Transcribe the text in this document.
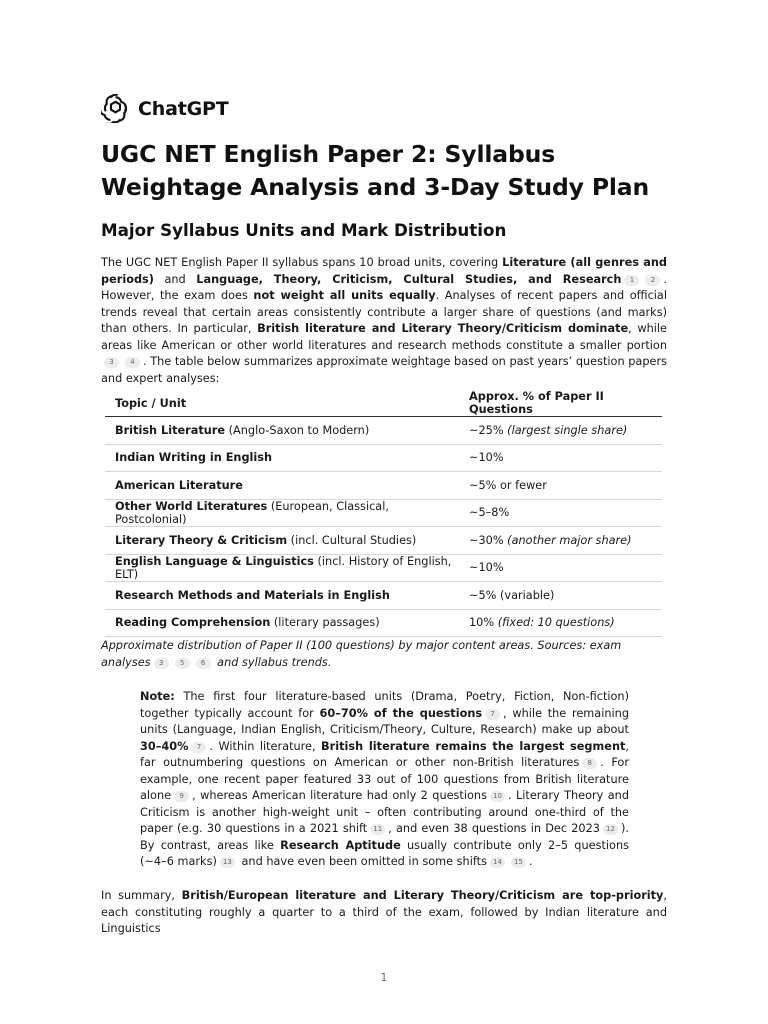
ChatGPT
UGC NET English Paper 2: Syllabus Weightage Analysis and 3-Day Study Plan
Major Syllabus Units and Mark Distribution

The UGC NET English Paper II syllabus spans 10 broad units, covering Literature (all genres and periods) and Language, Theory, Criticism, Cultural Studies, and Research 1 2 . However, the exam does not weight all units equally. Analyses of recent papers and official trends reveal that certain areas consistently contribute a larger share of questions (and marks) than others. In particular, British literature and Literary Theory/Criticism dominate, while areas like American or other world literatures and research methods constitute a smaller portion3 4 . The table below summarizes approximate weightage based on past years’ question papers and expert analyses:

Topic / Unit	Approx. % of Paper II Questions
British Literature (Anglo-Saxon to Modern)	~25% (largest single share)
Indian Writing in English	~10%
American Literature	~5% or fewer
Other World Literatures (European, Classical, Postcolonial)	~5–8%
Literary Theory & Criticism (incl. Cultural Studies)	~30% (another major share)
English Language & Linguistics (incl. History of English, ELT)	~10%
Research Methods and Materials in English	~5% (variable)
Reading Comprehension (literary passages)	10% (fixed: 10 questions)

Approximate distribution of Paper II (100 questions) by major content areas. Sources: exam analyses 3 5 6 and syllabus trends.

Note: The first four literature-based units (Drama, Poetry, Fiction, Non-fiction) together typically account for 60–70% of the questions 7 , while the remaining units (Language, Indian English, Criticism/Theory, Culture, Research) make up about 30–40% 7 . Within literature, British literature remains the largest segment, far outnumbering questions on American or other non-British literatures 8 . For example, one recent paper featured 33 out of 100 questions from British literature alone 9 , whereas American literature had only 2 questions 10 . Literary Theory and Criticism is another high-weight unit – often contributing around one-third of the paper (e.g. 30 questions in a 2021 shift 11 , and even 38 questions in Dec 2023 12 ). By contrast, areas like Research Aptitude usually contribute only 2–5 questions (~4–6 marks) 13 and have even been omitted in some shifts 14 15 .

In summary, British/European literature and Literary Theory/Criticism are top-priority, each constituting roughly a quarter to a third of the exam, followed by Indian literature and Linguistics

1
